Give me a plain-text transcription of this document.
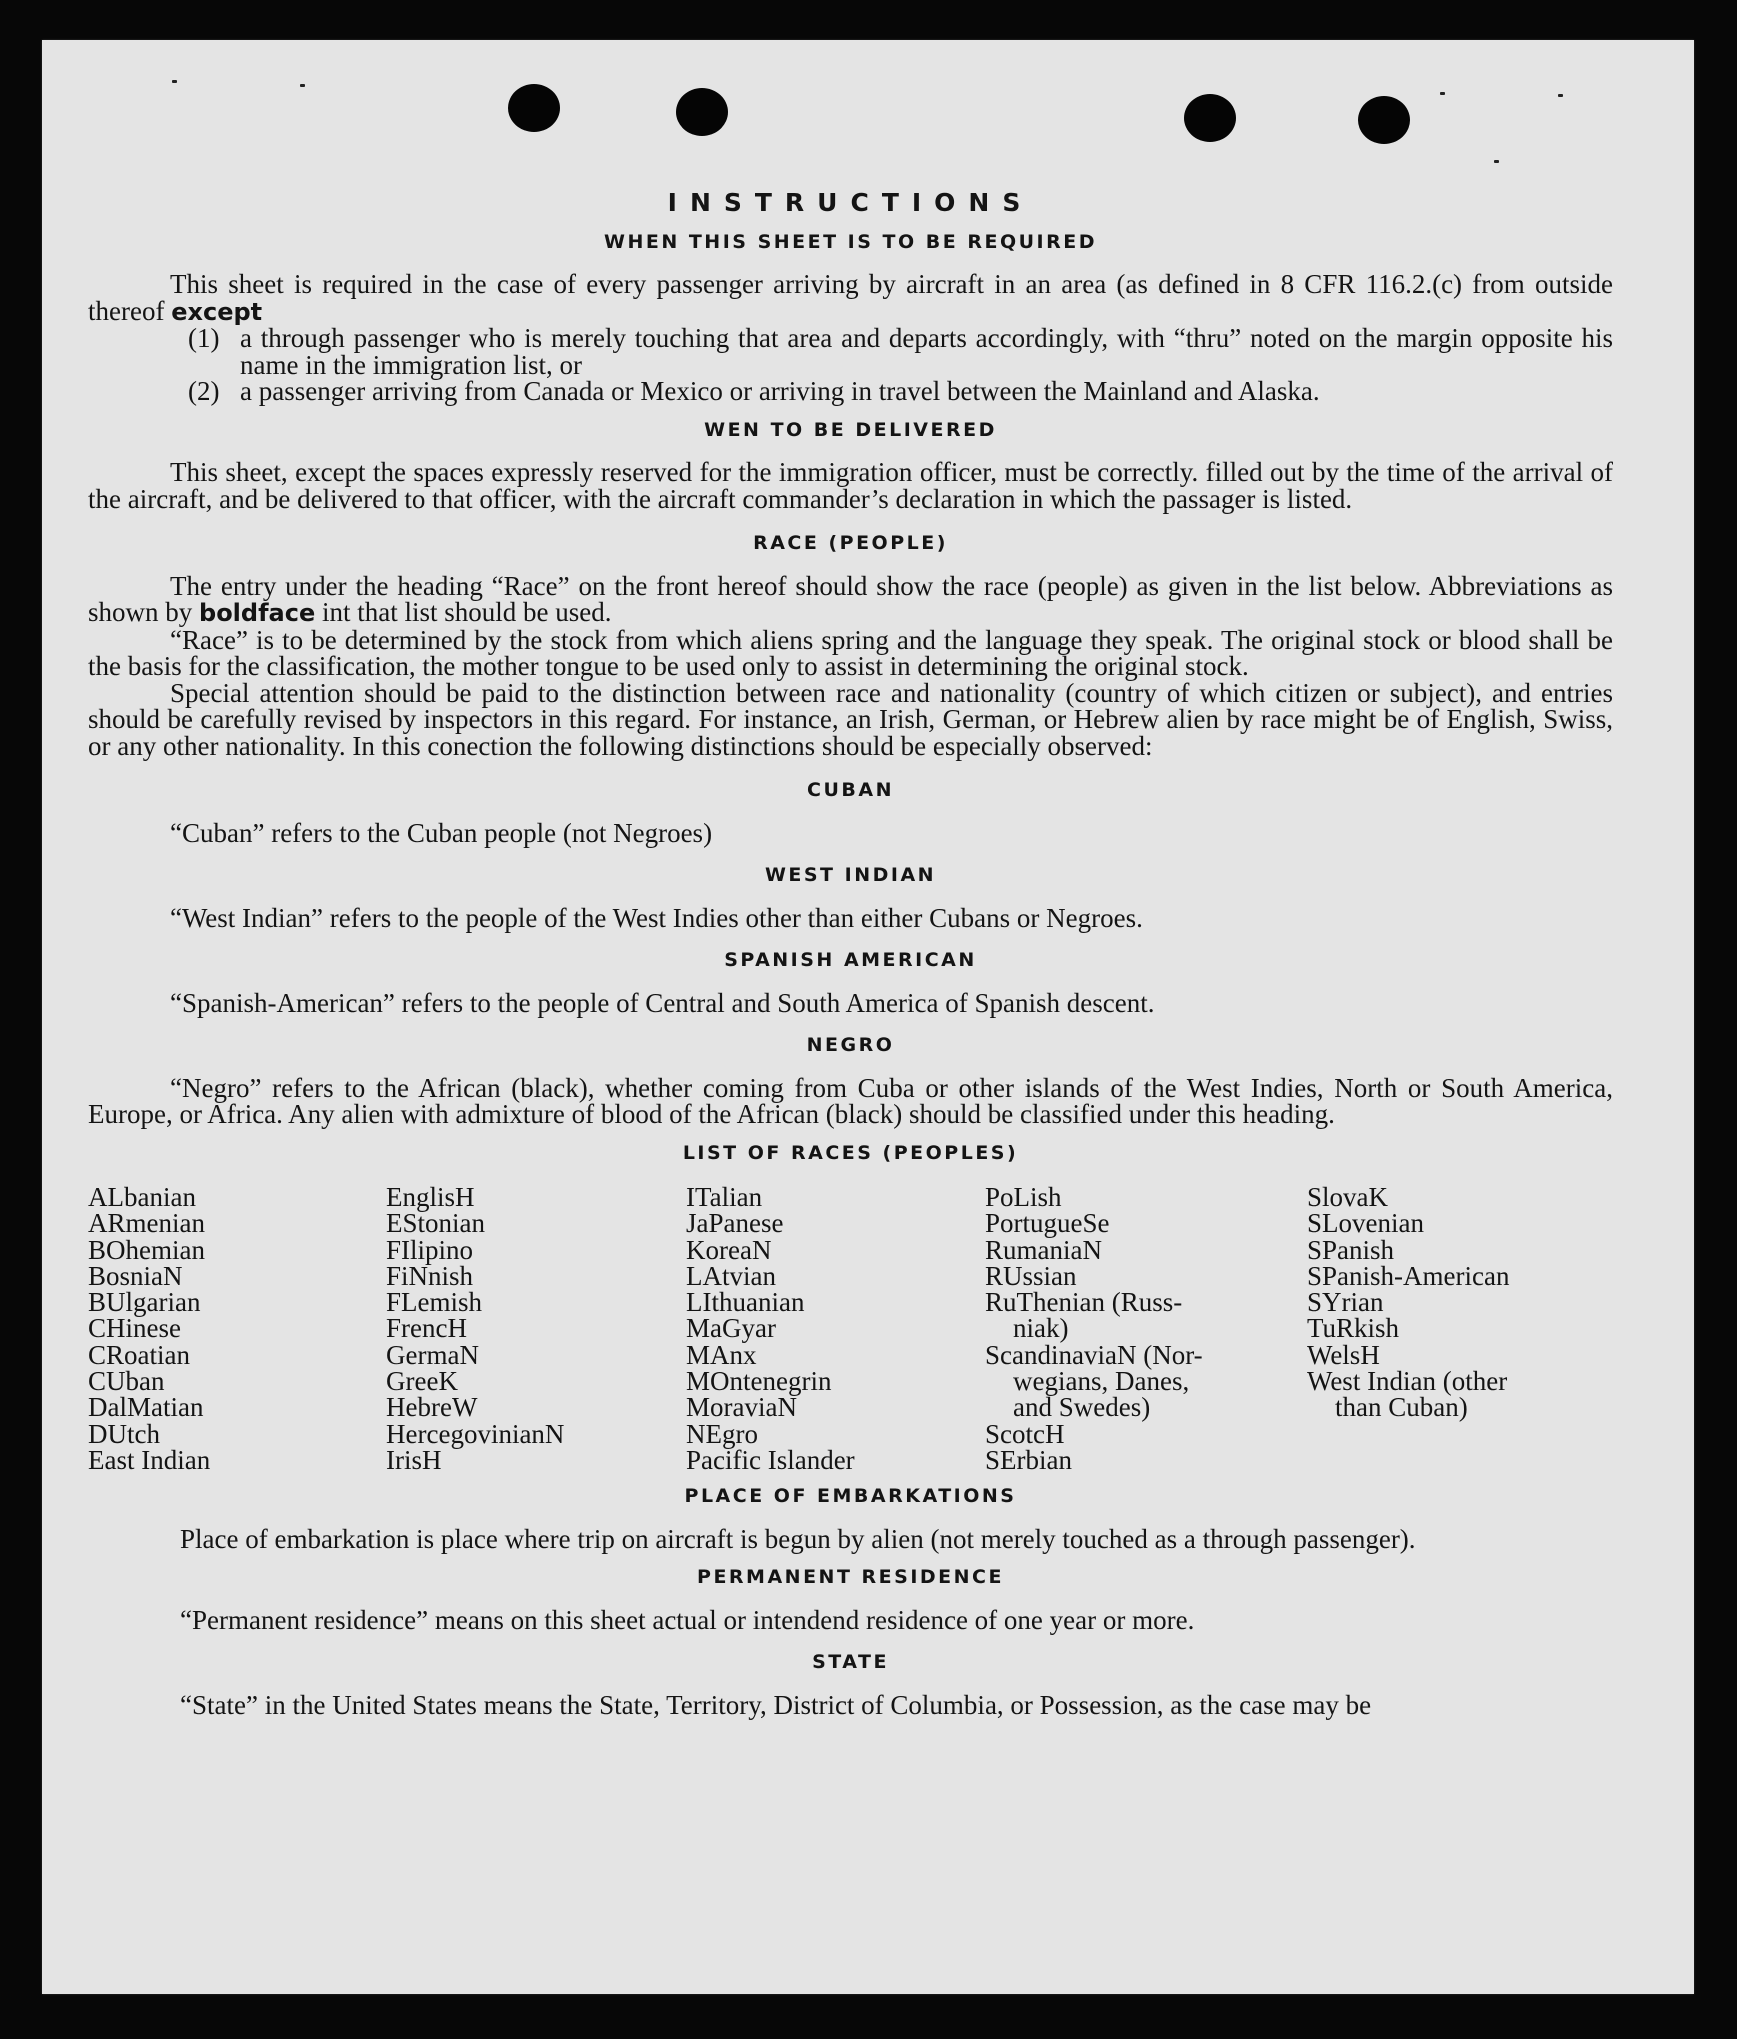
INSTRUCTIONS
WHEN THIS SHEET IS TO BE REQUIRED

This sheet is required in the case of every passenger arriving by aircraft in an area (as defined in 8 CFR 116.2.(c) from outside thereof except

(1) a through passenger who is merely touching that area and departs accordingly, with “thru” noted on the margin opposite his name in the immigration list, or
(2) a passenger arriving from Canada or Mexico or arriving in travel between the Mainland and Alaska.
WEN TO BE DELIVERED

This sheet, except the spaces expressly reserved for the immigration officer, must be correctly. filled out by the time of the arrival of the aircraft, and be delivered to that officer, with the aircraft commander’s declaration in which the passager is listed.

RACE (PEOPLE)

The entry under the heading “Race” on the front hereof should show the race (people) as given in the list below. Abbreviations as shown by boldface int that list should be used.

“Race” is to be determined by the stock from which aliens spring and the language they speak. The original stock or blood shall be the basis for the classification, the mother tongue to be used only to assist in determining the original stock.

Special attention should be paid to the distinction between race and nationality (country of which citizen or subject), and entries should be carefully revised by inspectors in this regard. For instance, an Irish, German, or Hebrew alien by race might be of English, Swiss, or any other nationality. In this conection the following distinctions should be especially observed:

CUBAN

“Cuban” refers to the Cuban people (not Negroes)

WEST INDIAN

“West Indian” refers to the people of the West Indies other than either Cubans or Negroes.

SPANISH AMERICAN

“Spanish-American” refers to the people of Central and South America of Spanish descent.

NEGRO

“Negro” refers to the African (black), whether coming from Cuba or other islands of the West Indies, North or South America, Europe, or Africa. Any alien with admixture of blood of the African (black) should be classified under this heading.

LIST OF RACES (PEOPLES)
ALbanian
ARmenian
BOhemian
BosniaN
BUlgarian
CHinese
CRoatian
CUban
DalMatian
DUtch
East Indian
EnglisH
EStonian
FIlipino
FiNnish
FLemish
FrencH
GermaN
GreeK
HebreW
HercegovinianN
IrisH
ITalian
JaPanese
KoreaN
LAtvian
LIthuanian
MaGyar
MAnx
MOntenegrin
MoraviaN
NEgro
Pacific Islander
PoLish
PortugueSe
RumaniaN
RUssian
RuThenian (Russ-
niak)
ScandinaviaN (Nor-
wegians, Danes,
and Swedes)
ScotcH
SErbian
SlovaK
SLovenian
SPanish
SPanish-American
SYrian
TuRkish
WelsH
West Indian (other
than Cuban)
PLACE OF EMBARKATIONS

Place of embarkation is place where trip on aircraft is begun by alien (not merely touched as a through passenger).

PERMANENT RESIDENCE

“Permanent residence” means on this sheet actual or intendend residence of one year or more.

STATE

“State” in the United States means the State, Territory, District of Columbia, or Possession, as the case may be
